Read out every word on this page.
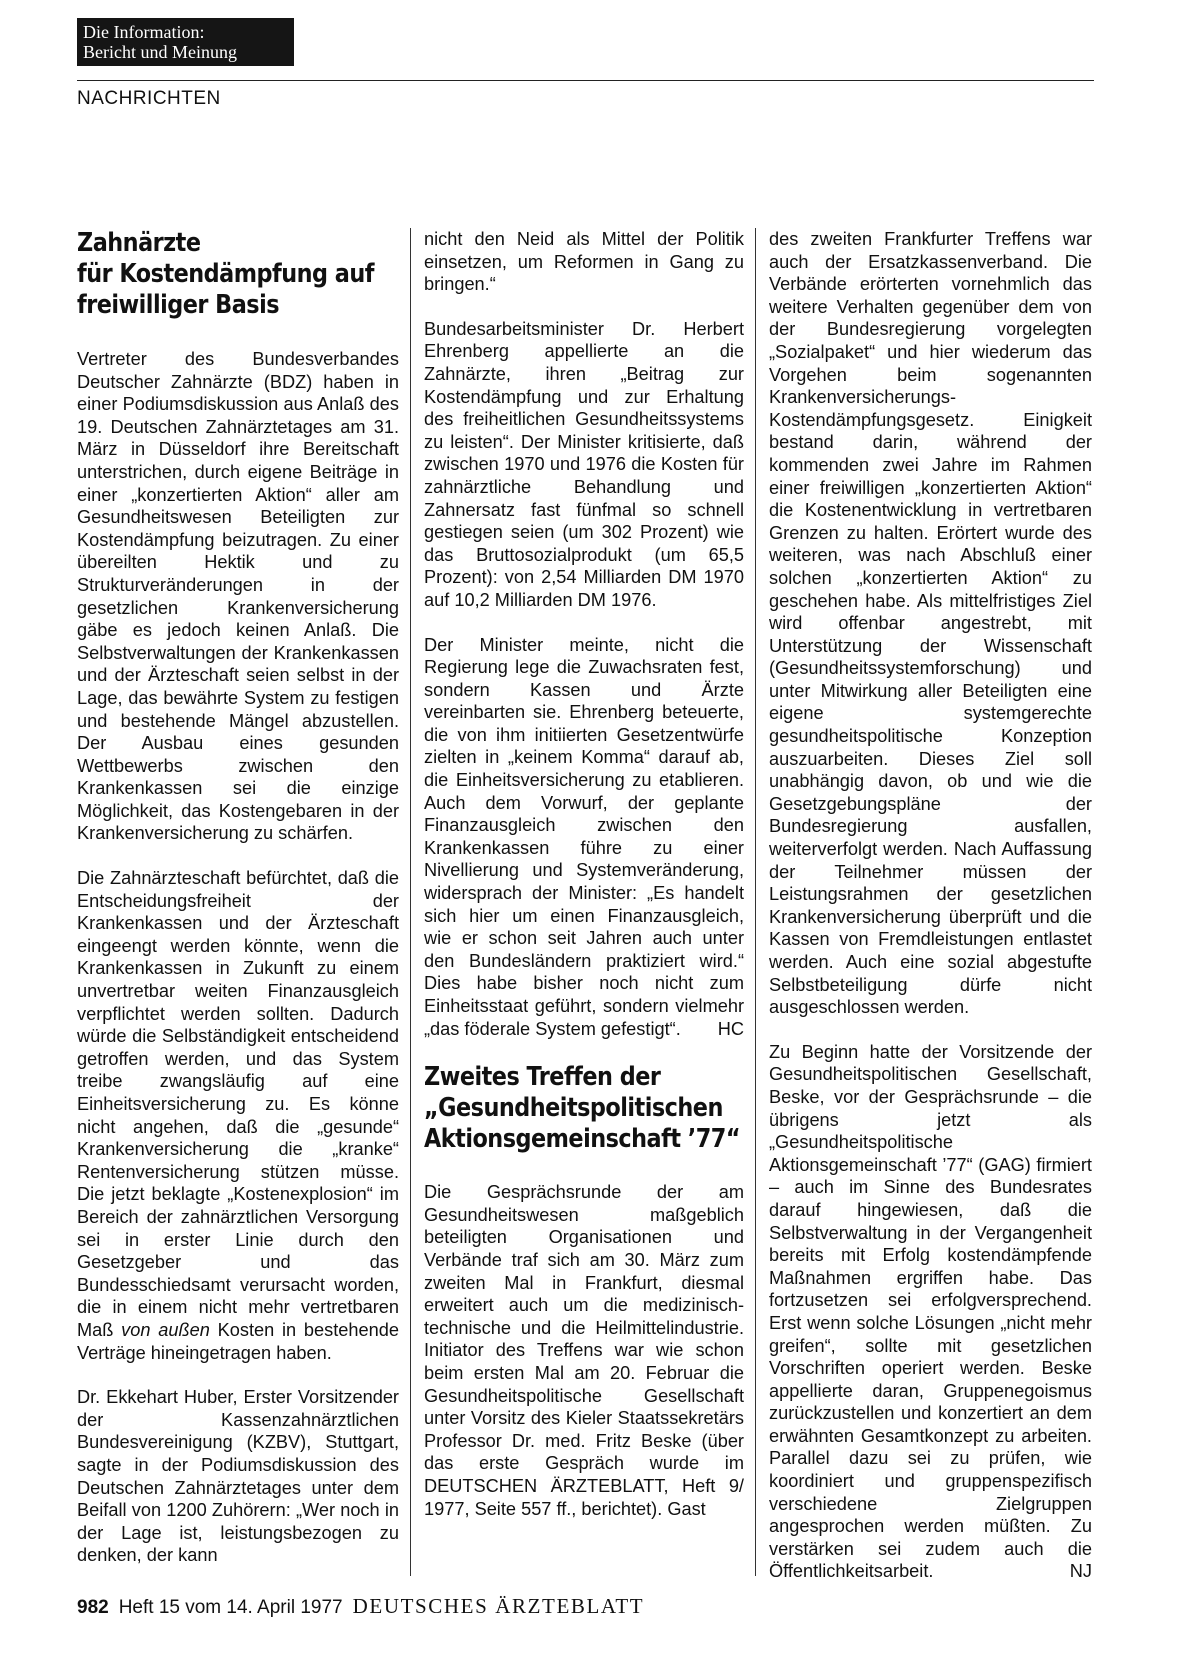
Die Information:
Bericht und Meinung
NACHRICHTEN
Zahnärzte
für Kostendämpfung auf
freiwilliger Basis

Vertreter des Bundesverbandes Deutscher Zahnärzte (BDZ) haben in einer Podiumsdiskussion aus Anlaß des 19. Deutschen Zahnärztetages am 31. März in Düsseldorf ihre Bereitschaft unterstrichen, durch eigene Beiträge in einer „konzertierten Aktion“ aller am Gesundheitswesen Beteiligten zur Kostendämpfung beizutragen. Zu einer übereilten Hektik und zu Strukturveränderungen in der gesetzlichen Krankenversicherung gäbe es jedoch keinen Anlaß. Die Selbstverwaltungen der Krankenkassen und der Ärzteschaft seien selbst in der Lage, das bewährte System zu festigen und bestehende Mängel abzustellen. Der Ausbau eines gesunden Wettbewerbs zwischen den Krankenkassen sei die einzige Möglichkeit, das Kostengebaren in der Krankenversicherung zu schärfen.

Die Zahnärzteschaft befürchtet, daß die Entscheidungsfreiheit der Krankenkassen und der Ärzteschaft eingeengt werden könnte, wenn die Krankenkassen in Zukunft zu einem unvertretbar weiten Finanzausgleich verpflichtet werden sollten. Dadurch würde die Selbständigkeit entscheidend getroffen werden, und das System treibe zwangsläufig auf eine Einheitsversicherung zu. Es könne nicht angehen, daß die „gesunde“ Krankenversicherung die „kranke“ Rentenversicherung stützen müsse. Die jetzt beklagte „Kostenexplosion“ im Bereich der zahnärztlichen Versorgung sei in erster Linie durch den Gesetzgeber und das Bundesschiedsamt verursacht worden, die in einem nicht mehr vertretbaren Maß von außen Kosten in bestehende Verträge hineingetragen haben.

Dr. Ekkehart Huber, Erster Vorsitzender der Kassenzahnärztlichen Bundesvereinigung (KZBV), Stuttgart, sagte in der Podiumsdiskussion des Deutschen Zahnärztetages unter dem Beifall von 1200 Zuhörern: „Wer noch in der Lage ist, leistungsbezogen zu denken, der kann

nicht den Neid als Mittel der Politik einsetzen, um Reformen in Gang zu bringen.“

Bundesarbeitsminister Dr. Herbert Ehrenberg appellierte an die Zahnärzte, ihren „Beitrag zur Kostendämpfung und zur Erhaltung des freiheitlichen Gesundheitssystems zu leisten“. Der Minister kritisierte, daß zwischen 1970 und 1976 die Kosten für zahnärztliche Behandlung und Zahnersatz fast fünfmal so schnell gestiegen seien (um 302 Prozent) wie das Bruttosozialprodukt (um 65,5 Prozent): von 2,54 Milliarden DM 1970 auf 10,2 Milliarden DM 1976.

Der Minister meinte, nicht die Regierung lege die Zuwachsraten fest, sondern Kassen und Ärzte vereinbarten sie. Ehrenberg beteuerte, die von ihm initiierten Gesetzentwürfe zielten in „keinem Komma“ darauf ab, die Einheitsversicherung zu etablieren. Auch dem Vorwurf, der geplante Finanzausgleich zwischen den Krankenkassen führe zu einer Nivellierung und Systemveränderung, widersprach der Minister: „Es handelt sich hier um einen Finanzausgleich, wie er schon seit Jahren auch unter den Bundesländern praktiziert wird.“ Dies habe bisher noch nicht zum Einheitsstaat geführt, sondern vielmehr „das föderale System gefestigt“. HC

Zweites Treffen der
„Gesundheitspolitischen
Aktionsgemeinschaft ’77“

Die Gesprächsrunde der am Gesundheitswesen maßgeblich beteiligten Organisationen und Verbände traf sich am 30. März zum zweiten Mal in Frankfurt, diesmal erweitert auch um die medizinisch-technische und die Heilmittelindustrie. Initiator des Treffens war wie schon beim ersten Mal am 20. Februar die Gesundheitspolitische Gesellschaft unter Vorsitz des Kieler Staatssekretärs Professor Dr. med. Fritz Beske (über das erste Gespräch wurde im DEUTSCHEN ÄRZTEBLATT, Heft 9/ 1977, Seite 557 ff., berichtet). Gast

des zweiten Frankfurter Treffens war auch der Ersatzkassenverband. Die Verbände erörterten vornehmlich das weitere Verhalten gegenüber dem von der Bundesregierung vorgelegten „Sozialpaket“ und hier wiederum das Vorgehen beim sogenannten Krankenversicherungs-Kostendämpfungsgesetz. Einigkeit bestand darin, während der kommenden zwei Jahre im Rahmen einer freiwilligen „konzertierten Aktion“ die Kostenentwicklung in vertretbaren Grenzen zu halten. Erörtert wurde des weiteren, was nach Abschluß einer solchen „konzertierten Aktion“ zu geschehen habe. Als mittelfristiges Ziel wird offenbar angestrebt, mit Unterstützung der Wissenschaft (Gesundheitssystemforschung) und unter Mitwirkung aller Beteiligten eine eigene systemgerechte gesundheitspolitische Konzeption auszuarbeiten. Dieses Ziel soll unabhängig davon, ob und wie die Gesetzgebungspläne der Bundesregierung ausfallen, weiterverfolgt werden. Nach Auffassung der Teilnehmer müssen der Leistungsrahmen der gesetzlichen Krankenversicherung überprüft und die Kassen von Fremdleistungen entlastet werden. Auch eine sozial abgestufte Selbstbeteiligung dürfe nicht ausgeschlossen werden.

Zu Beginn hatte der Vorsitzende der Gesundheitspolitischen Gesellschaft, Beske, vor der Gesprächsrunde – die übrigens jetzt als „Gesundheitspolitische Aktionsgemeinschaft ’77“ (GAG) firmiert – auch im Sinne des Bundesrates darauf hingewiesen, daß die Selbstverwaltung in der Vergangenheit bereits mit Erfolg kostendämpfende Maßnahmen ergriffen habe. Das fortzusetzen sei erfolgversprechend. Erst wenn solche Lösungen „nicht mehr greifen“, sollte mit gesetzlichen Vorschriften operiert werden. Beske appellierte daran, Gruppenegoismus zurückzustellen und konzertiert an dem erwähnten Gesamtkonzept zu arbeiten. Parallel dazu sei zu prüfen, wie koordiniert und gruppenspezifisch verschiedene Zielgruppen angesprochen werden müßten. Zu verstärken sei zudem auch die Öffentlichkeitsarbeit.	NJ

982 Heft 15 vom 14. April 1977 DEUTSCHES ÄRZTEBLATT
